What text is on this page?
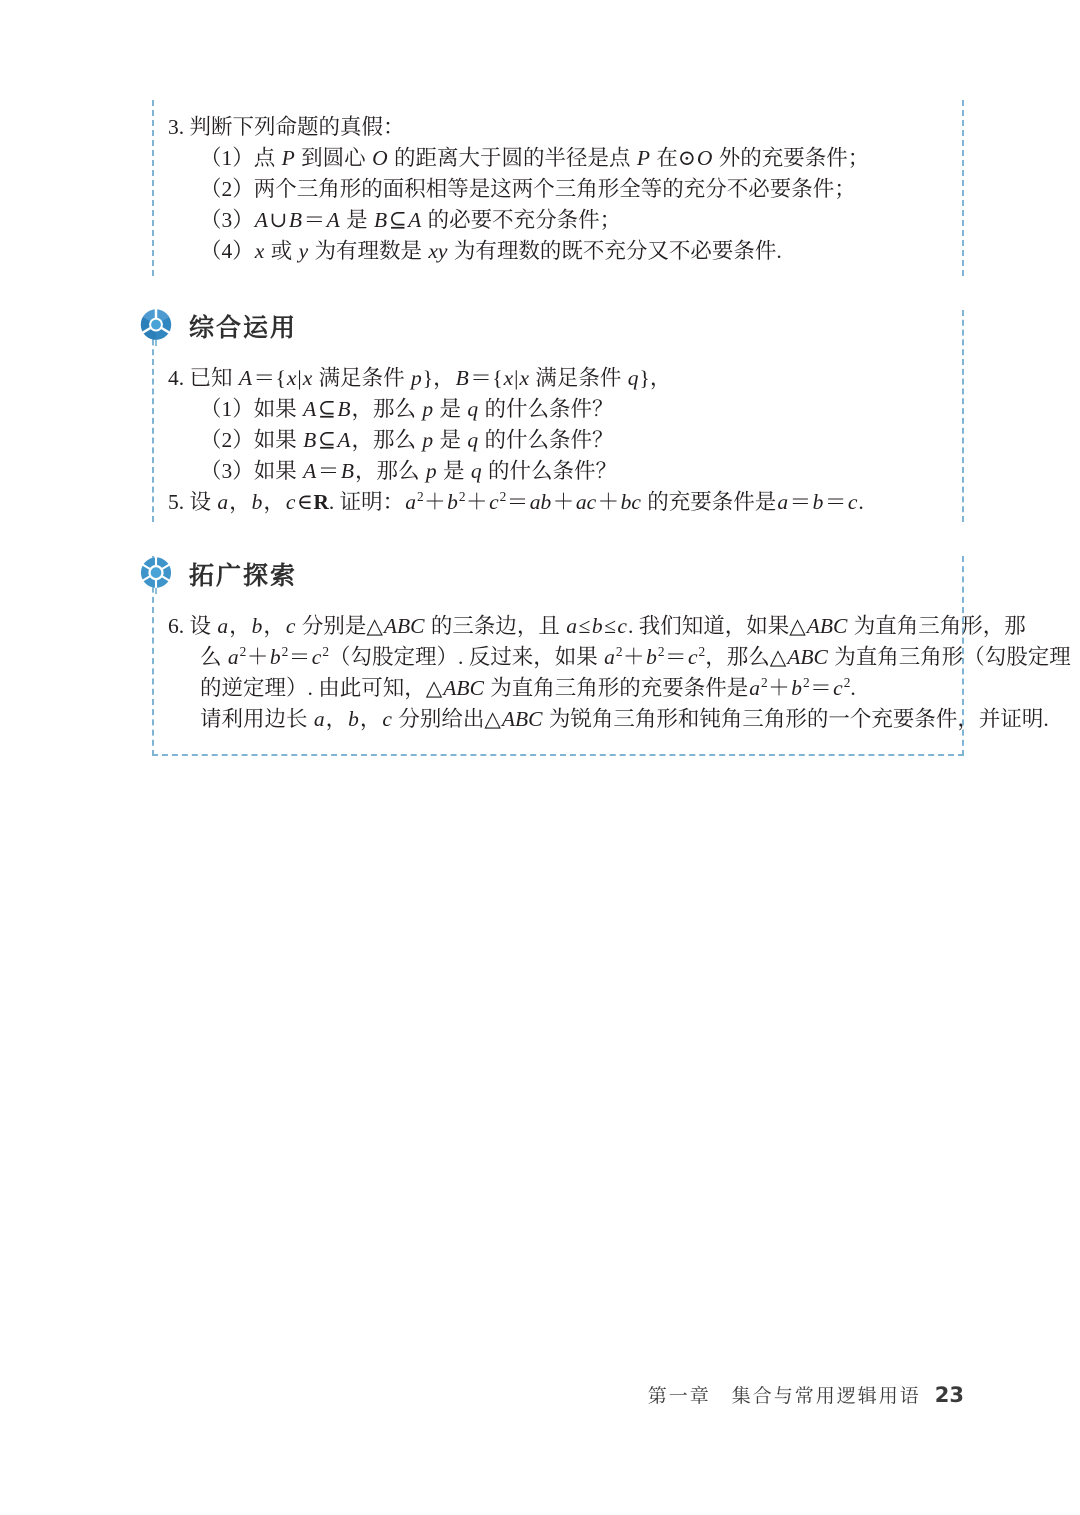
3. 判断下列命题的真假：
（1）点 P 到圆心 O 的距离大于圆的半径是点 P 在⊙O 外的充要条件；
（2）两个三角形的面积相等是这两个三角形全等的充分不必要条件；
（3）A∪B＝A 是 B⊆A 的必要不充分条件；
（4）x 或 y 为有理数是 xy 为有理数的既不充分又不必要条件.
综合运用
4. 已知 A＝{x|x 满足条件 p}，B＝{x|x 满足条件 q}，
（1）如果 A⊆B，那么 p 是 q 的什么条件？
（2）如果 B⊆A，那么 p 是 q 的什么条件？
（3）如果 A＝B，那么 p 是 q 的什么条件？
5. 设 a，b，c∈R. 证明：$a^2+b^2+c^2=ab+ac+bc$ 的充要条件是a＝b＝c.
拓广探索
6. 设 a，b，c 分别是△ABC 的三条边，且 a≤b≤c. 我们知道，如果△ABC 为直角三角形，那
么 $a^2+b^2=c^2$（勾股定理）. 反过来，如果 $a^2+b^2=c^2$，那么△ABC 为直角三角形（勾股定理
的逆定理）. 由此可知，△ABC 为直角三角形的充要条件是$a^2+b^2=c^2$.
请利用边长 a，b，c 分别给出△ABC 为锐角三角形和钝角三角形的一个充要条件，并证明.
第一章　集合与常用逻辑用语 23
